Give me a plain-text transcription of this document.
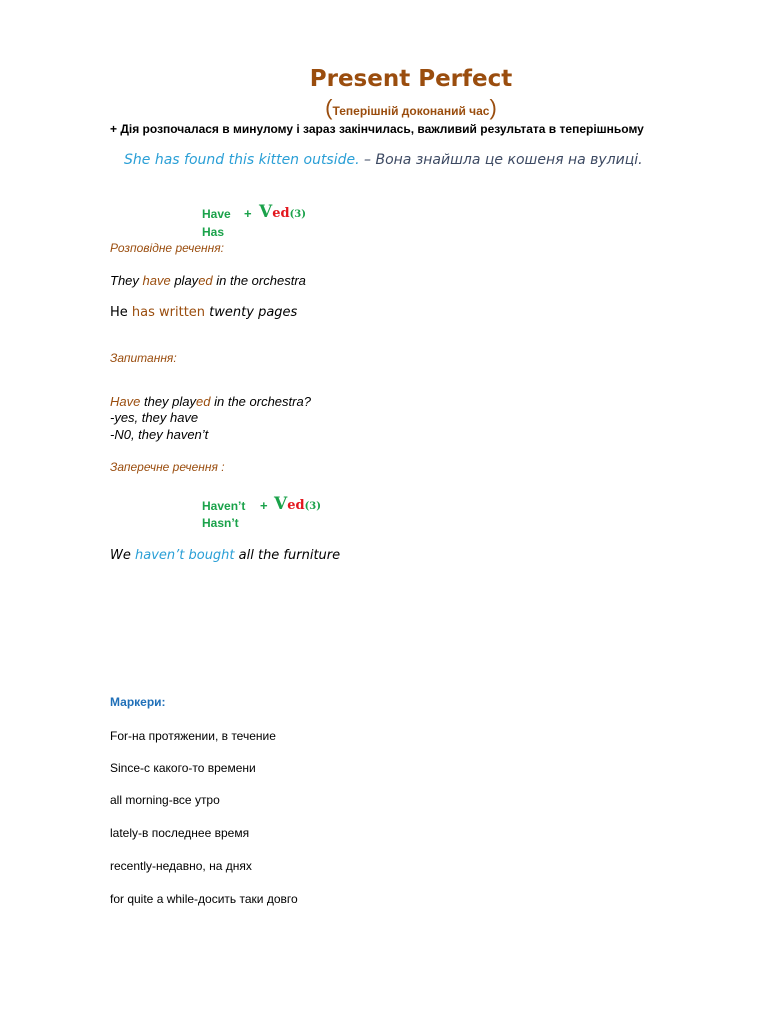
Present Perfect
(Теперішній доконаний час)
+ Дія розпочалася в минулому і зараз закінчилась, важливий результата в теперішньому
She has found this kitten outside. – Вона знайшла це кошеня на вулиці.
Have + Ved(3)
Has
Розповідне речення:
They have played in the orchestra
He has written twenty pages
Запитання:
Have they played in the orchestra?
-yes, they have
-N0, they haven’t
Заперечне речення :
Haven’t + Ved(3)
Hasn’t
We haven’t bought all the furniture
Маркери:
For-на протяжении, в течение
Since-с какого-то времени
all morning-все утро
lately-в последнее время
recently-недавно, на днях
for quite a while-досить таки довго
